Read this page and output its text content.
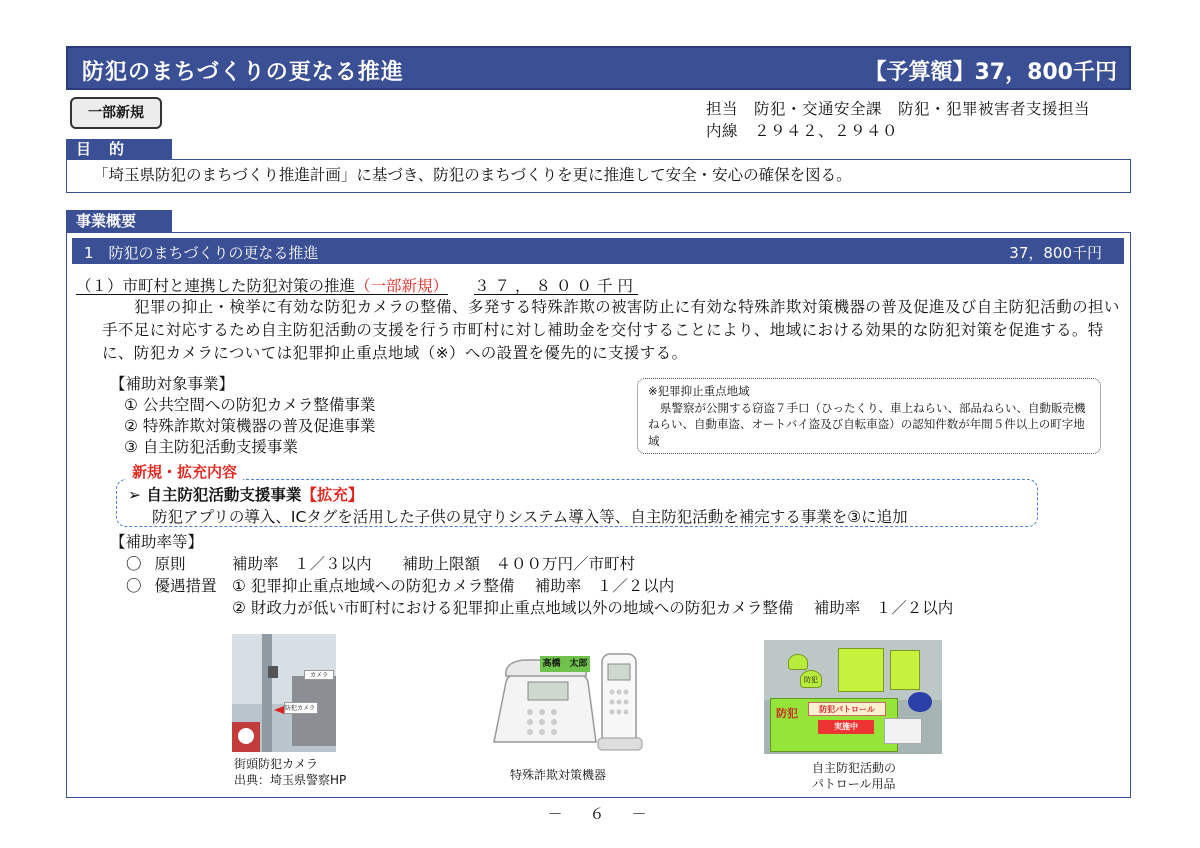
防犯のまちづくりの更なる推進	【予算額】37，800千円
一部新規	担当　防犯・交通安全課　防犯・犯罪被害者支援担当
内線　２９４２、２９４０
目的
「埼玉県防犯のまちづくり推進計画」に基づき、防犯のまちづくりを更に推進して安全・安心の確保を図る。
事業概要
1　防犯のまちづくりの更なる推進	37，800千円
（１）市町村と連携した防犯対策の推進（一部新規） ３７，８００千円
犯罪の抑止・検挙に有効な防犯カメラの整備、多発する特殊詐欺の被害防止に有効な特殊詐欺対策機器の普及促進及び自主防犯活動の担い手不足に対応するため自主防犯活動の支援を行う市町村に対し補助金を交付することにより、地域における効果的な防犯対策を促進する。特に、防犯カメラについては犯罪抑止重点地域（※）への設置を優先的に支援する。
【補助対象事業】
① 公共空間への防犯カメラ整備事業
② 特殊詐欺対策機器の普及促進事業
③ 自主防犯活動支援事業
※犯罪抑止重点地域
県警察が公開する窃盗７手口（ひったくり、車上ねらい、部品ねらい、自動販売機ねらい、自動車盗、オートバイ盗及び自転車盗）の認知件数が年間５件以上の町字地域
新規・拡充内容
➢ 自主防犯活動支援事業【拡充】
防犯アプリの導入、ICタグを活用した子供の見守りシステム導入等、自主防犯活動を補完する事業を③に追加
【補助率等】
〇 原則	補助率　１／３以内　　補助上限額　４００万円／市町村
〇 優遇措置 ① 犯罪抑止重点地域への防犯カメラ整備　 補助率　１／２以内
② 財政力が低い市町村における犯罪抑止重点地域以外の地域への防犯カメラ整備　 補助率　１／２以内
カメラ
防犯カメラ
街頭防犯カメラ
出典：埼玉県警察HP
高橋　太郎
特殊詐欺対策機器
防犯
防犯パトロール
実施中
防犯
自主防犯活動の
パトロール用品
－　６　－
